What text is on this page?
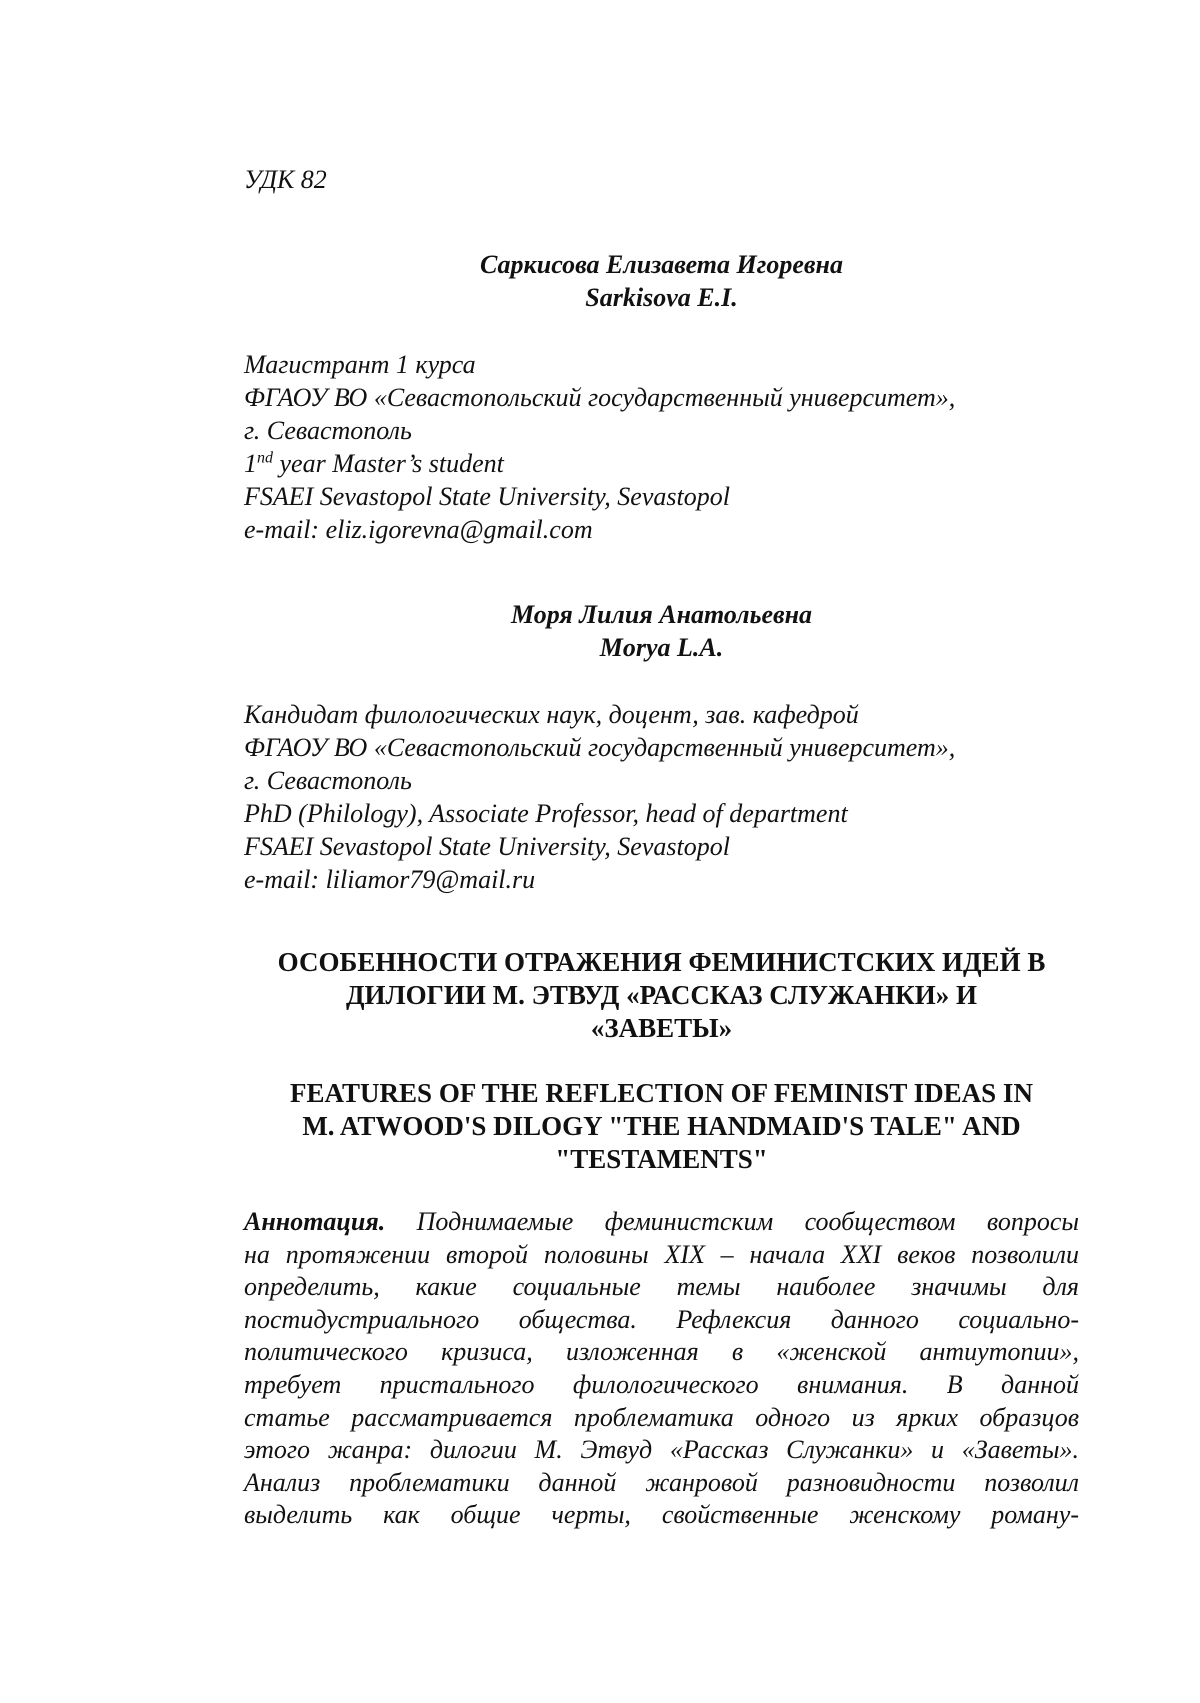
УДК 82
Саркисова Елизавета Игоревна
Sarkisova E.I.
Магистрант 1 курса
ФГАОУ ВО «Севастопольский государственный университет»,
г. Севастополь
1nd year Master’s student
FSAEI Sevastopol State University, Sevastopol
e-mail: eliz.igorevna@gmail.com
Моря Лилия Анатольевна
Morya L.A.
Кандидат филологических наук, доцент, зав. кафедрой
ФГАОУ ВО «Севастопольский государственный университет»,
г. Севастополь
PhD (Philology), Associate Professor, head of department
FSAEI Sevastopol State University, Sevastopol
e-mail: liliamor79@mail.ru
ОСОБЕННОСТИ ОТРАЖЕНИЯ ФЕМИНИСТСКИХ ИДЕЙ В
ДИЛОГИИ М. ЭТВУД «РАССКАЗ СЛУЖАНКИ» И
«ЗАВЕТЫ»
FEATURES OF THE REFLECTION OF FEMINIST IDEAS IN
M. ATWOOD'S DILOGY "THE HANDMAID'S TALE" AND
"TESTAMENTS"
Аннотация. Поднимаемые феминистским сообществом вопросы
на протяжении второй половины XIX – начала XXI веков позволили
определить, какие социальные темы наиболее значимы для
постидустриального общества. Рефлексия данного социально-
политического кризиса, изложенная в «женской антиутопии»,
требует пристального филологического внимания. В данной
статье рассматривается проблематика одного из ярких образцов
этого жанра: дилогии М. Этвуд «Рассказ Служанки» и «Заветы».
Анализ проблематики данной жанровой разновидности позволил
выделить как общие черты, свойственные женскому роману-
